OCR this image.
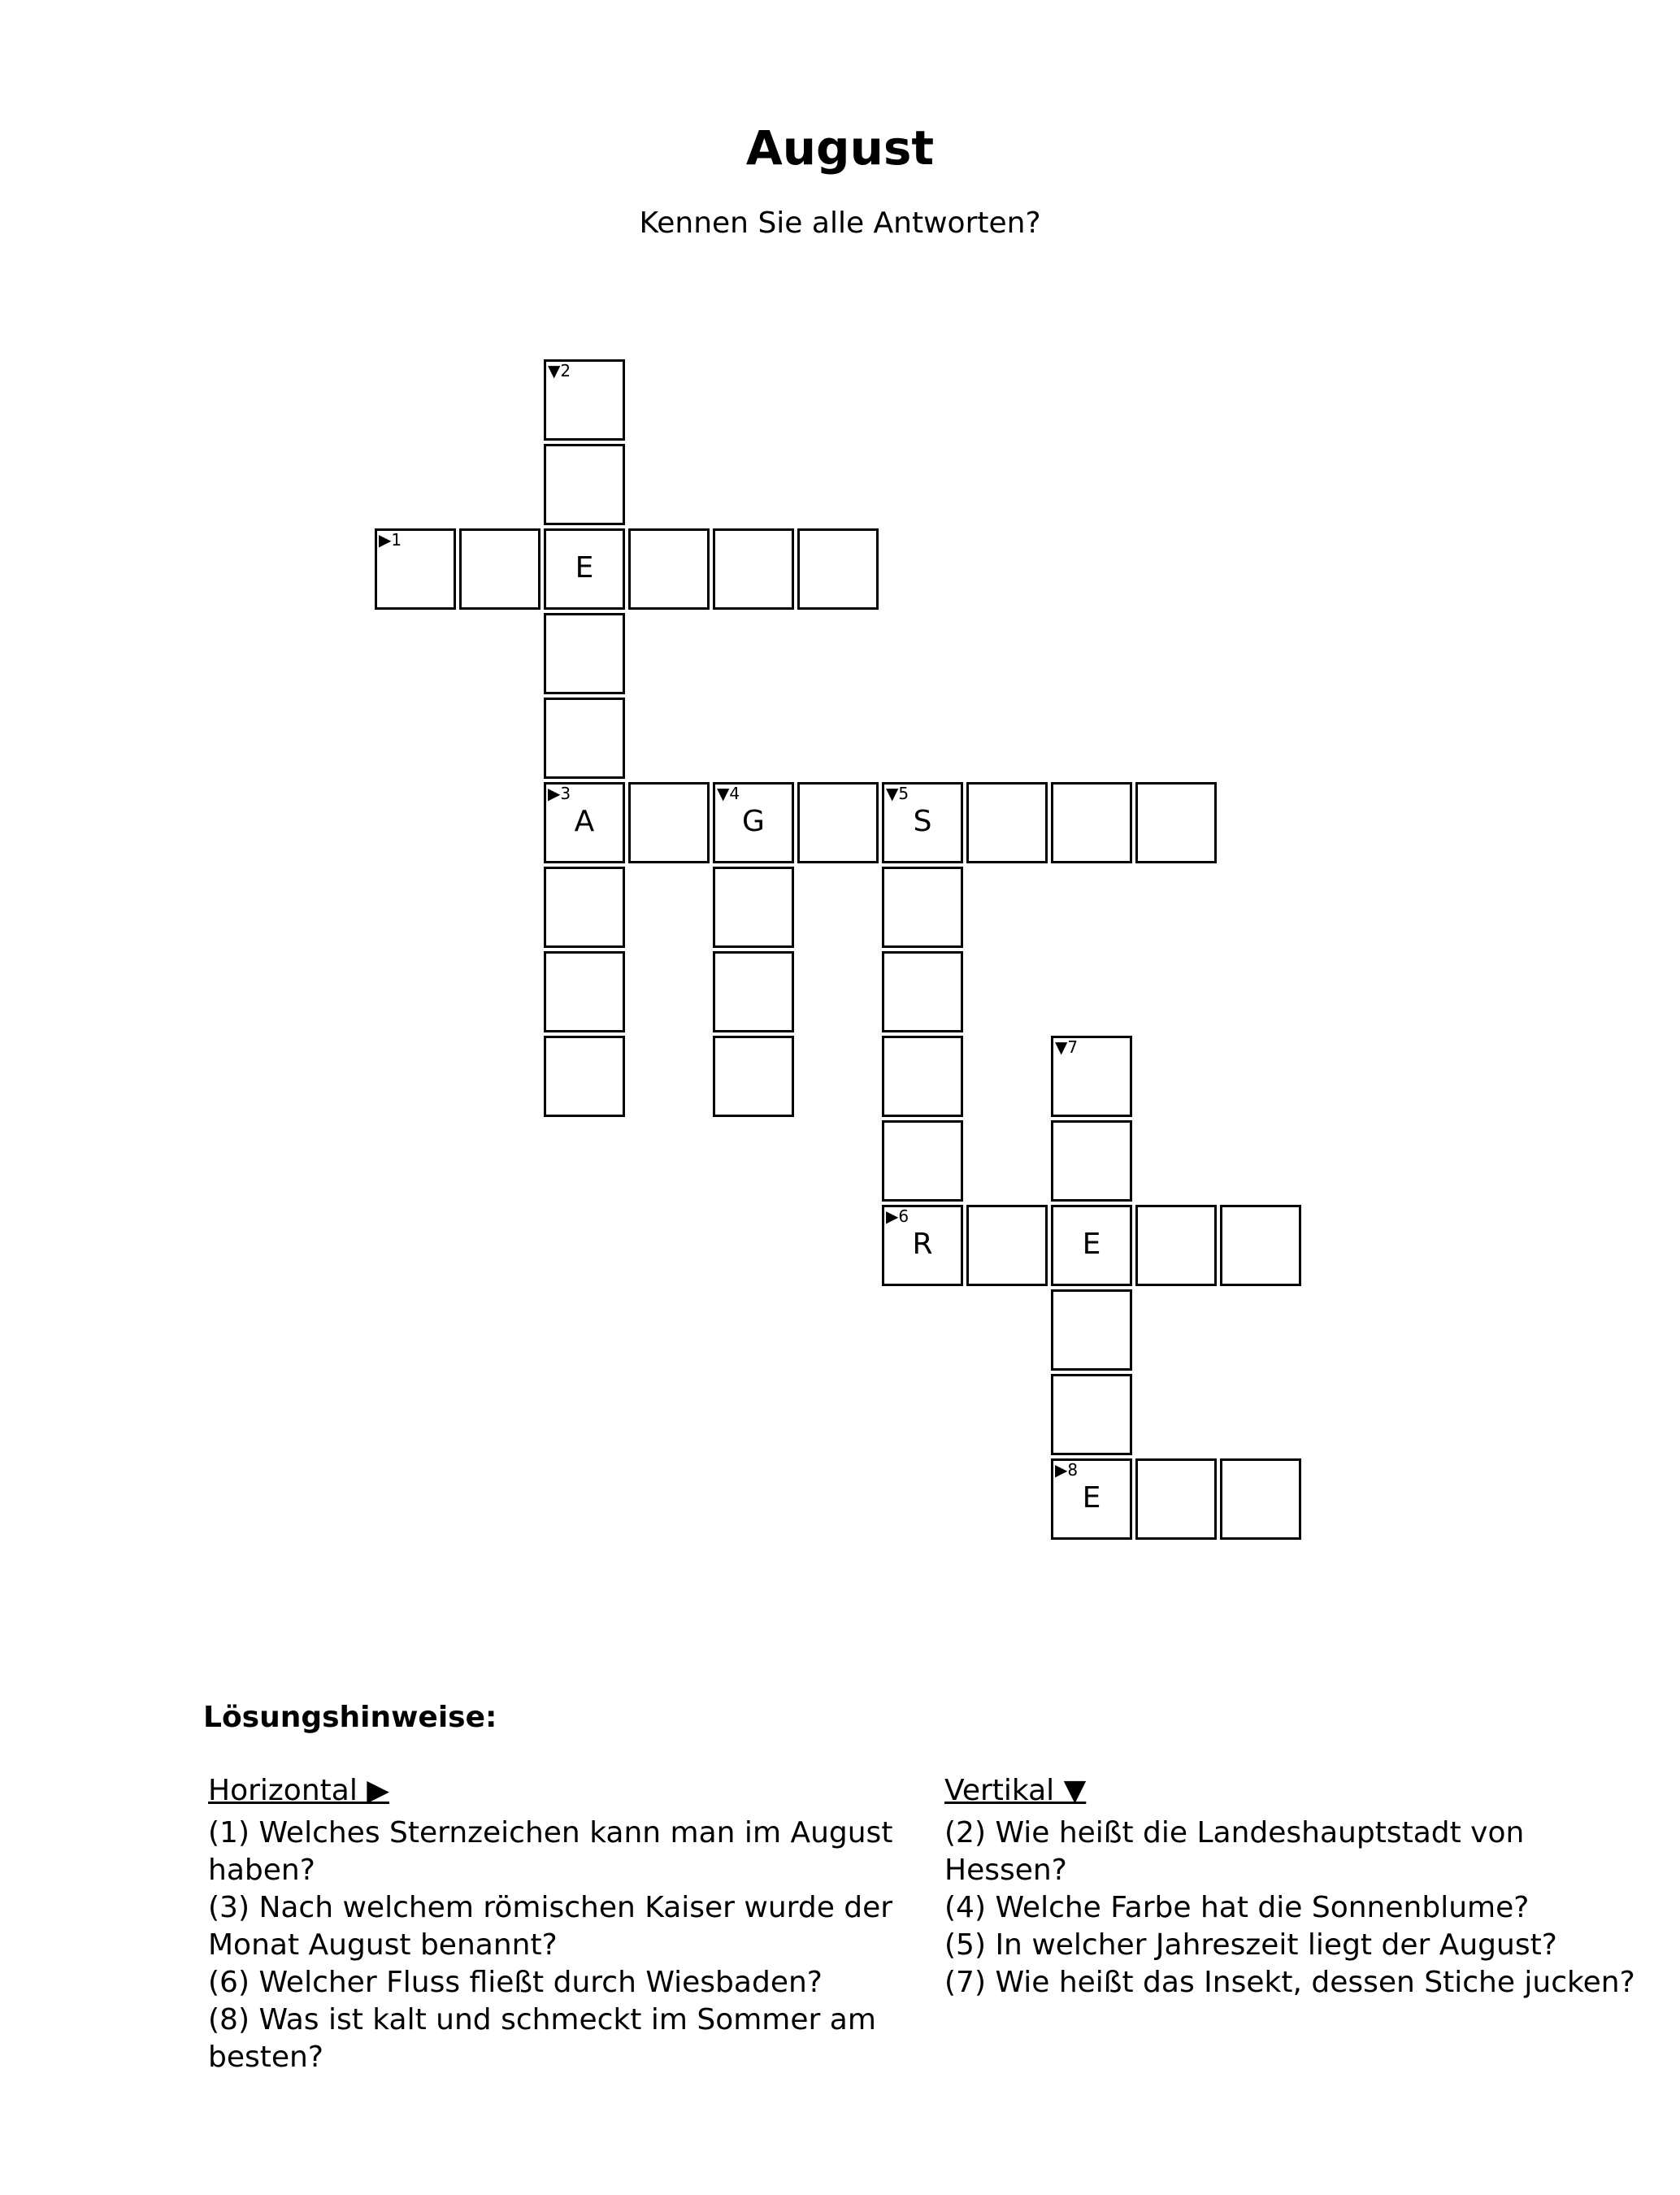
August

Kennen Sie alle Antworten?

▼2
▶1
E
▶3
A
▼4
G
▼5
S
▼7
▶6
R	E
▶8
E
Lösungshinweise:
Horizontal ▶
(1) Welches Sternzeichen kann man im August haben?
(3) Nach welchem römischen Kaiser wurde der Monat August benannt?
(6) Welcher Fluss fließt durch Wiesbaden?
(8) Was ist kalt und schmeckt im Sommer am besten?
Vertikal ▼
(2) Wie heißt die Landeshauptstadt von Hessen?
(4) Welche Farbe hat die Sonnenblume?
(5) In welcher Jahreszeit liegt der August?
(7) Wie heißt das Insekt, dessen Stiche jucken?
